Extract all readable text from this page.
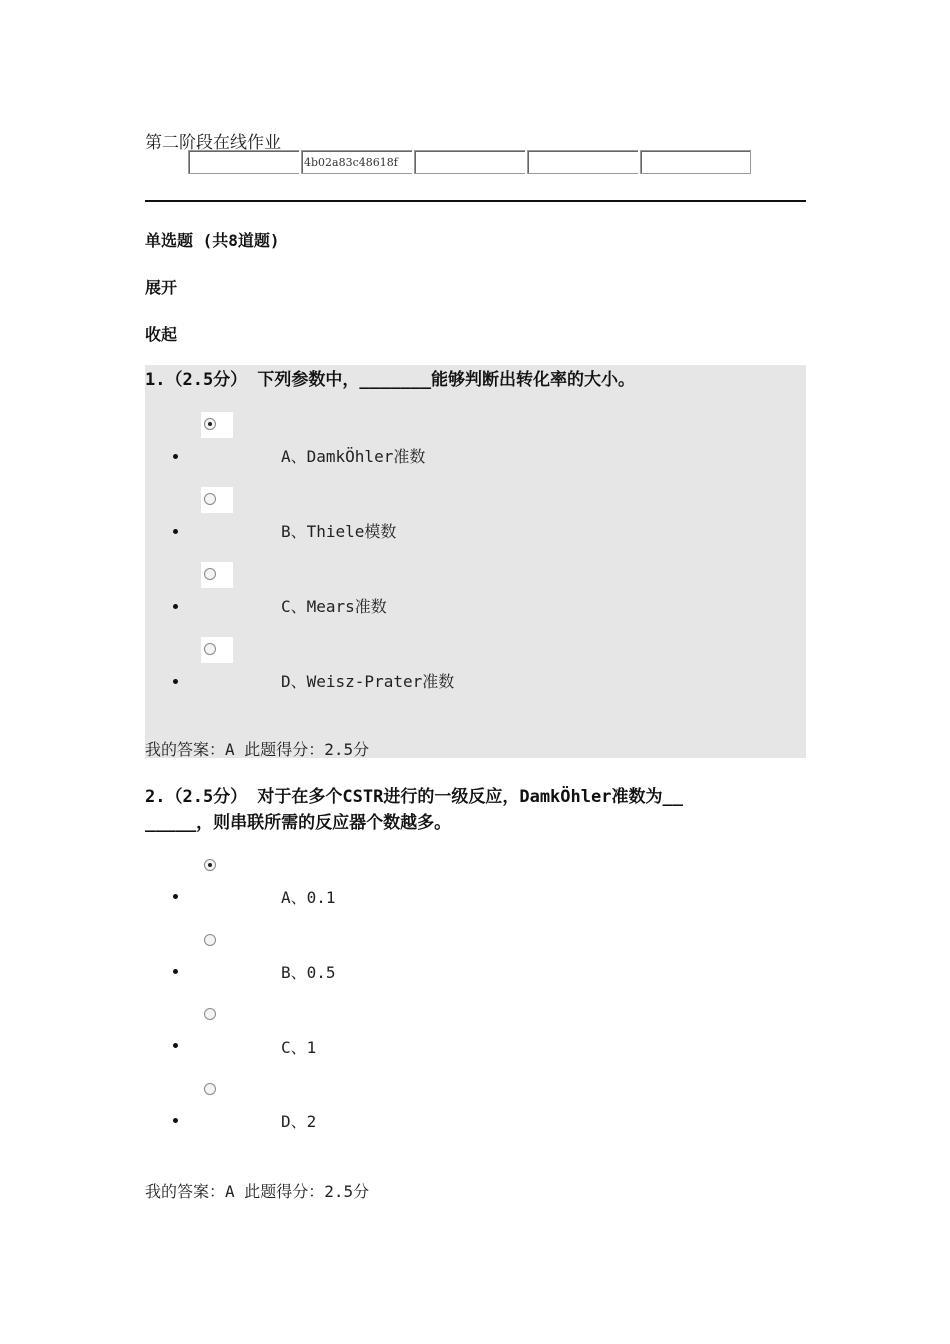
第二阶段在线作业
4b02a83c48618f
单选题 (共8道题)
展开
收起
1.（2.5分） 下列参数中，_______能够判断出转化率的大小。
A、DamkÖhler准数
B、Thiele模数
C、Mears准数
D、Weisz-Prater准数
我的答案：A 此题得分：2.5分
2.（2.5分） 对于在多个CSTR进行的一级反应，DamkÖhler准数为__
_____，则串联所需的反应器个数越多。
A、0.1
B、0.5
C、1
D、2
我的答案：A 此题得分：2.5分
